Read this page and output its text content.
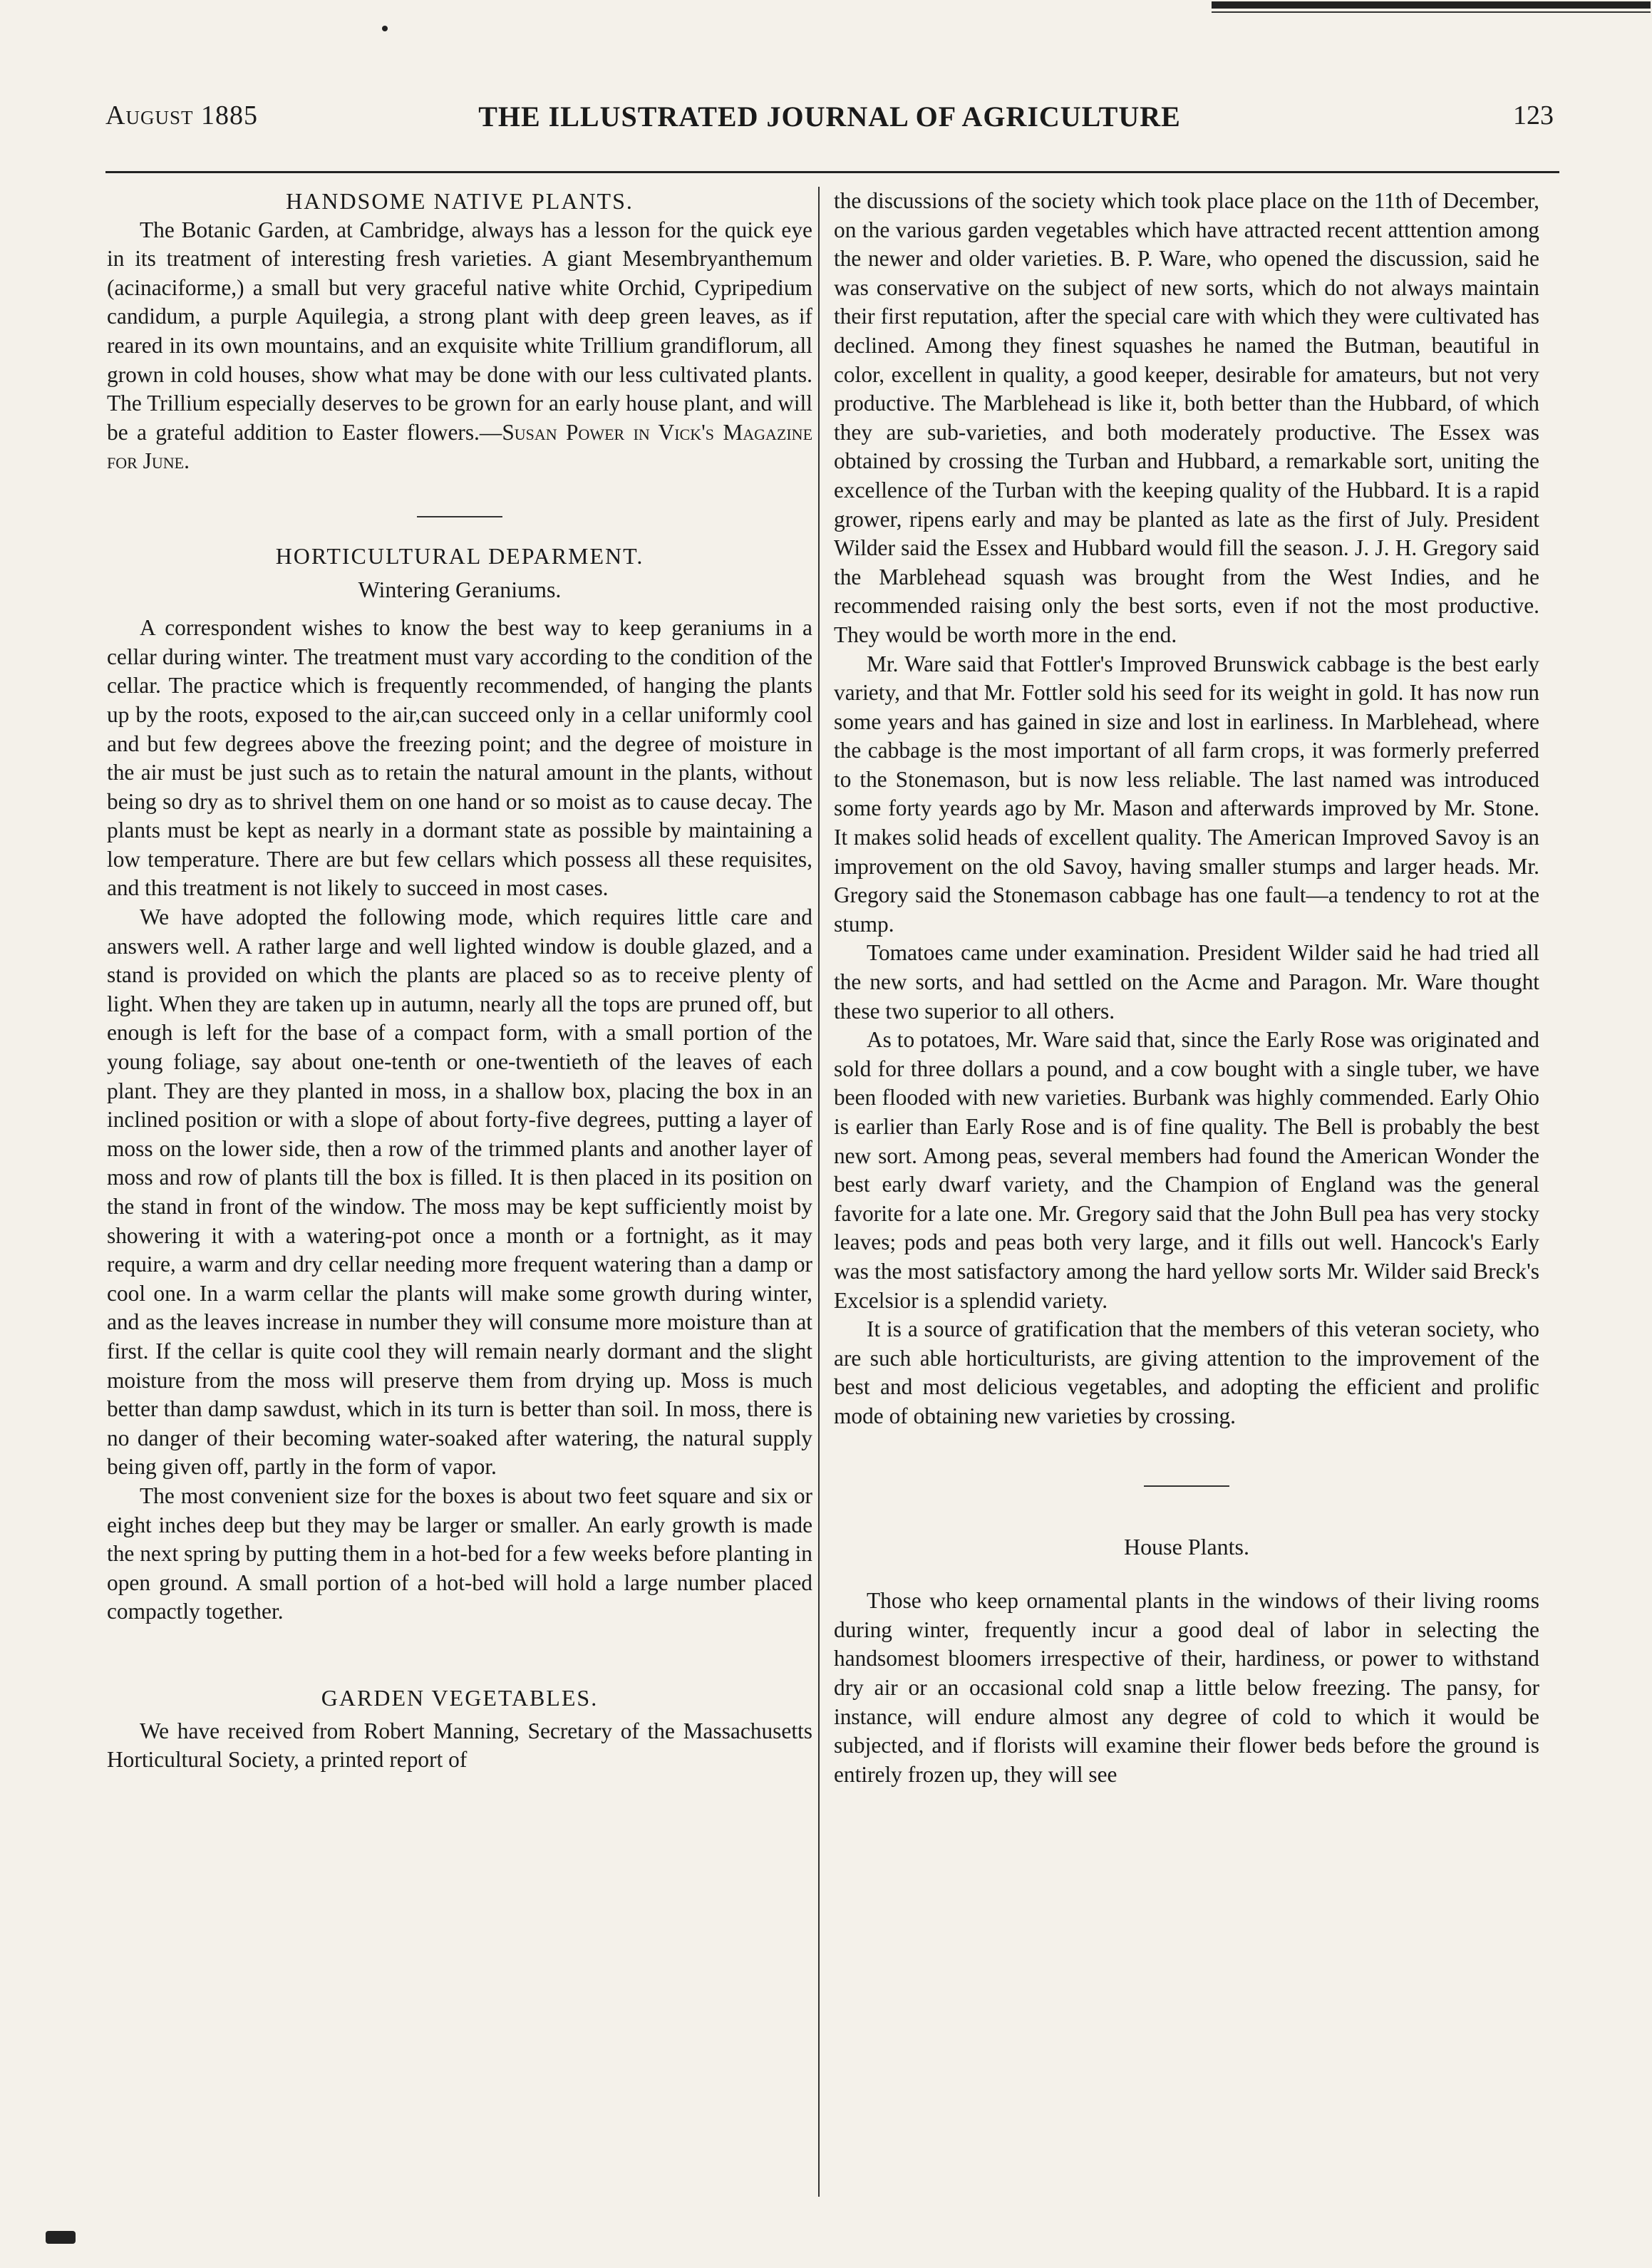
August 1885	THE ILLUSTRATED JOURNAL OF AGRICULTURE	123
HANDSOME NATIVE PLANTS.

The Botanic Garden, at Cambridge, always has a lesson for the quick eye in its treatment of interesting fresh varieties. A giant Mesembryanthemum (acinaciforme,) a small but very graceful native white Orchid, Cypripedium candidum, a purple Aquilegia, a strong plant with deep green leaves, as if reared in its own mountains, and an exquisite white Trillium grandiflorum, all grown in cold houses, show what may be done with our less cultivated plants. The Trillium especially deserves to be grown for an early house plant, and will be a grateful addition to Easter flowers.—Susan Power in Vick's Magazine for June.

HORTICULTURAL DEPARMENT.
Wintering Geraniums.

A correspondent wishes to know the best way to keep geraniums in a cellar during winter. The treatment must vary according to the condition of the cellar. The practice which is frequently recommended, of hanging the plants up by the roots, exposed to the air,can succeed only in a cellar uniformly cool and but few degrees above the freezing point; and the degree of moisture in the air must be just such as to retain the natural amount in the plants, without being so dry as to shrivel them on one hand or so moist as to cause decay. The plants must be kept as nearly in a dormant state as possible by maintaining a low temperature. There are but few cellars which possess all these requisites, and this treatment is not likely to succeed in most cases.

We have adopted the following mode, which requires little care and answers well. A rather large and well lighted window is double glazed, and a stand is provided on which the plants are placed so as to receive plenty of light. When they are taken up in autumn, nearly all the tops are pruned off, but enough is left for the base of a compact form, with a small portion of the young foliage, say about one-tenth or one-twentieth of the leaves of each plant. They are they planted in moss, in a shallow box, placing the box in an inclined position or with a slope of about forty-five degrees, putting a layer of moss on the lower side, then a row of the trimmed plants and another layer of moss and row of plants till the box is filled. It is then placed in its position on the stand in front of the window. The moss may be kept sufficiently moist by showering it with a watering-pot once a month or a fortnight, as it may require, a warm and dry cellar needing more frequent watering than a damp or cool one. In a warm cellar the plants will make some growth during winter, and as the leaves increase in number they will consume more moisture than at first. If the cellar is quite cool they will remain nearly dormant and the slight moisture from the moss will preserve them from drying up. Moss is much better than damp sawdust, which in its turn is better than soil. In moss, there is no danger of their becoming water-soaked after watering, the natural supply being given off, partly in the form of vapor.

The most convenient size for the boxes is about two feet square and six or eight inches deep but they may be larger or smaller. An early growth is made the next spring by putting them in a hot-bed for a few weeks before planting in open ground. A small portion of a hot-bed will hold a large number placed compactly together.

GARDEN VEGETABLES.

We have received from Robert Manning, Secretary of the Massachusetts Horticultural Society, a printed report of

the discussions of the society which took place place on the 11th of December, on the various garden vegetables which have attracted recent atttention among the newer and older varieties. B. P. Ware, who opened the discussion, said he was conservative on the subject of new sorts, which do not always maintain their first reputation, after the special care with which they were cultivated has declined. Among they finest squashes he named the Butman, beautiful in color, excellent in quality, a good keeper, desirable for amateurs, but not very productive. The Marblehead is like it, both better than the Hubbard, of which they are sub-varieties, and both moderately productive. The Essex was obtained by crossing the Turban and Hubbard, a remarkable sort, uniting the excellence of the Turban with the keeping quality of the Hubbard. It is a rapid grower, ripens early and may be planted as late as the first of July. President Wilder said the Essex and Hubbard would fill the season. J. J. H. Gregory said the Marblehead squash was brought from the West Indies, and he recommended raising only the best sorts, even if not the most productive. They would be worth more in the end.

Mr. Ware said that Fottler's Improved Brunswick cabbage is the best early variety, and that Mr. Fottler sold his seed for its weight in gold. It has now run some years and has gained in size and lost in earliness. In Marblehead, where the cabbage is the most important of all farm crops, it was formerly preferred to the Stonemason, but is now less reliable. The last named was introduced some forty yeards ago by Mr. Mason and afterwards improved by Mr. Stone. It makes solid heads of excellent quality. The American Improved Savoy is an improvement on the old Savoy, having smaller stumps and larger heads. Mr. Gregory said the Stonemason cabbage has one fault—a tendency to rot at the stump.

Tomatoes came under examination. President Wilder said he had tried all the new sorts, and had settled on the Acme and Paragon. Mr. Ware thought these two superior to all others.

As to potatoes, Mr. Ware said that, since the Early Rose was originated and sold for three dollars a pound, and a cow bought with a single tuber, we have been flooded with new varieties. Burbank was highly commended. Early Ohio is earlier than Early Rose and is of fine quality. The Bell is probably the best new sort. Among peas, several members had found the American Wonder the best early dwarf variety, and the Champion of England was the general favorite for a late one. Mr. Gregory said that the John Bull pea has very stocky leaves; pods and peas both very large, and it fills out well. Hancock's Early was the most satisfactory among the hard yellow sorts Mr. Wilder said Breck's Excelsior is a splendid variety.

It is a source of gratification that the members of this veteran society, who are such able horticulturists, are giving attention to the improvement of the best and most delicious vegetables, and adopting the efficient and prolific mode of obtaining new varieties by crossing.

House Plants.

Those who keep ornamental plants in the windows of their living rooms during winter, frequently incur a good deal of labor in selecting the handsomest bloomers irrespective of their, hardiness, or power to withstand dry air or an occasional cold snap a little below freezing. The pansy, for instance, will endure almost any degree of cold to which it would be subjected, and if florists will examine their flower beds before the ground is entirely frozen up, they will see
